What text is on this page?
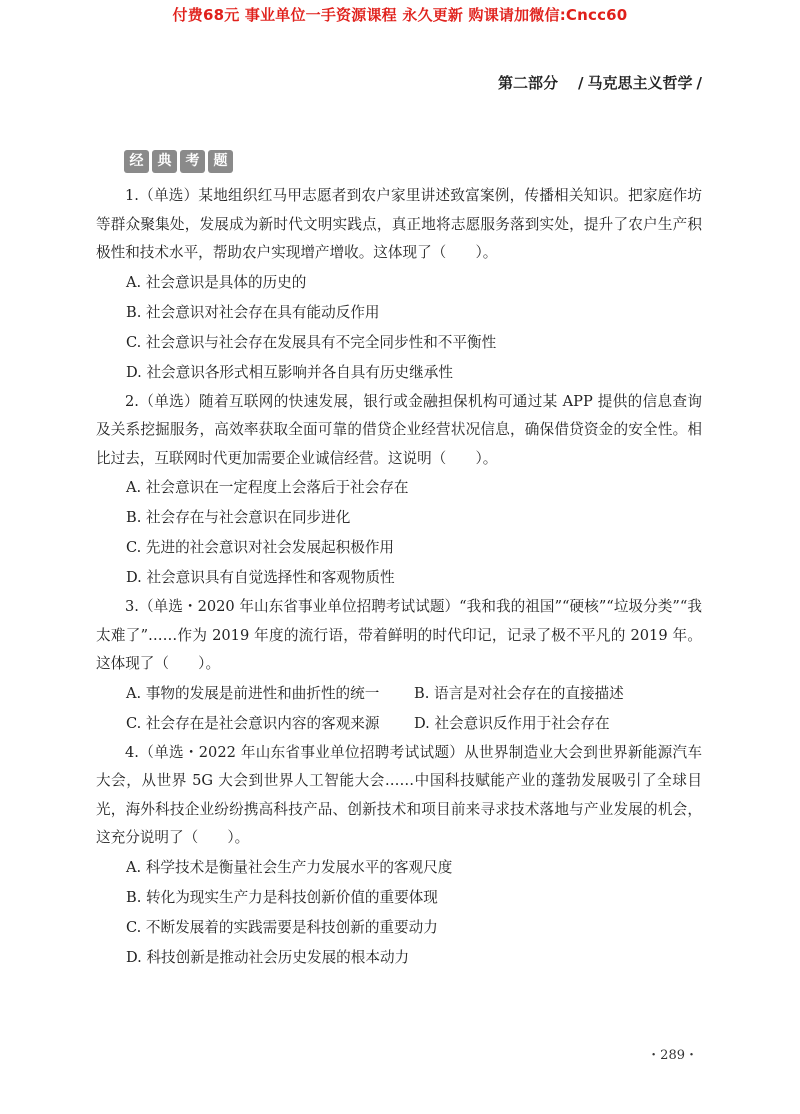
付费68元 事业单位一手资源课程 永久更新 购课请加微信:Cncc60
第二部分 / 马克思主义哲学 /
经	典	考	题

1.（单选）某地组织红马甲志愿者到农户家里讲述致富案例，传播相关知识。把家庭作坊等群众聚集处，发展成为新时代文明实践点，真正地将志愿服务落到实处，提升了农户生产积极性和技术水平，帮助农户实现增产增收。这体现了（　　）。

A. 社会意识是具体的历史的

B. 社会意识对社会存在具有能动反作用

C. 社会意识与社会存在发展具有不完全同步性和不平衡性

D. 社会意识各形式相互影响并各自具有历史继承性

2.（单选）随着互联网的快速发展，银行或金融担保机构可通过某 APP 提供的信息查询及关系挖掘服务，高效率获取全面可靠的借贷企业经营状况信息，确保借贷资金的安全性。相比过去，互联网时代更加需要企业诚信经营。这说明（　　）。

A. 社会意识在一定程度上会落后于社会存在

B. 社会存在与社会意识在同步进化

C. 先进的社会意识对社会发展起积极作用

D. 社会意识具有自觉选择性和客观物质性

3.（单选・2020 年山东省事业单位招聘考试试题）“我和我的祖国”“硬核”“垃圾分类”“我太难了”……作为 2019 年度的流行语，带着鲜明的时代印记，记录了极不平凡的 2019 年。这体现了（　　）。

A. 事物的发展是前进性和曲折性的统一	B. 语言是对社会存在的直接描述
C. 社会存在是社会意识内容的客观来源	D. 社会意识反作用于社会存在

4.（单选・2022 年山东省事业单位招聘考试试题）从世界制造业大会到世界新能源汽车大会，从世界 5G 大会到世界人工智能大会……中国科技赋能产业的蓬勃发展吸引了全球目光，海外科技企业纷纷携高科技产品、创新技术和项目前来寻求技术落地与产业发展的机会，这充分说明了（　　）。

A. 科学技术是衡量社会生产力发展水平的客观尺度

B. 转化为现实生产力是科技创新价值的重要体现

C. 不断发展着的实践需要是科技创新的重要动力

D. 科技创新是推动社会历史发展的根本动力

・289・
